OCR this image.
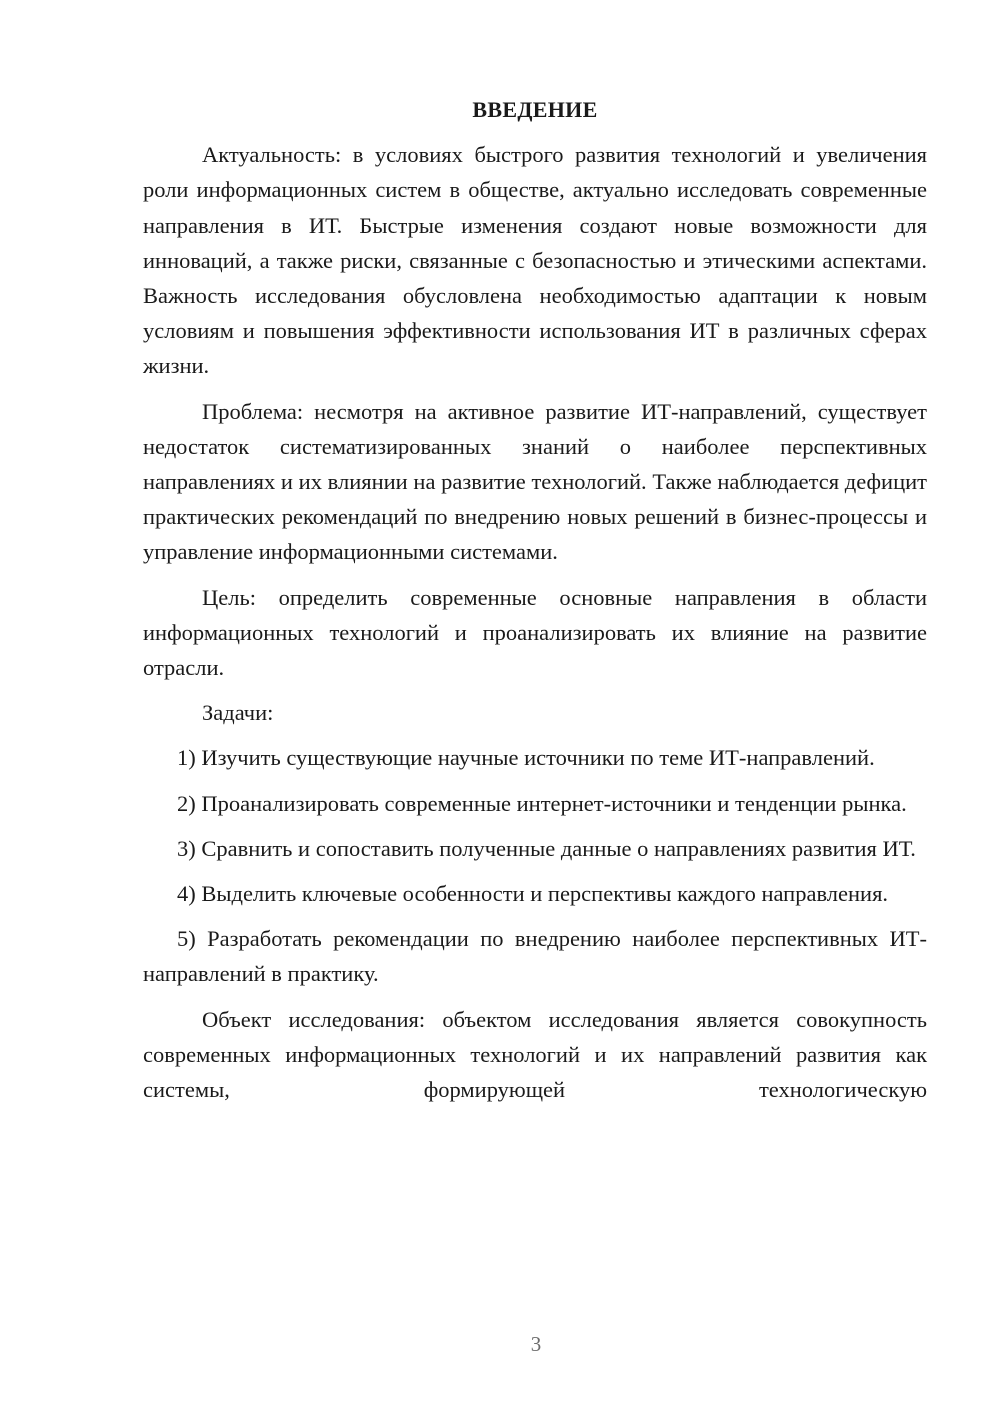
ВВЕДЕНИЕ

Актуальность: в условиях быстрого развития технологий и увеличения роли информационных систем в обществе, актуально исследовать современные направления в ИТ. Быстрые изменения создают новые возможности для инноваций, а также риски, связанные с безопасностью и этическими аспектами. Важность исследования обусловлена необходимостью адаптации к новым условиям и повышения эффективности использования ИТ в различных сферах жизни.

Проблема: несмотря на активное развитие ИТ-направлений, существует недостаток систематизированных знаний о наиболее перспективных направлениях и их влиянии на развитие технологий. Также наблюдается дефицит практических рекомендаций по внедрению новых решений в бизнес-процессы и управление информационными системами.

Цель: определить современные основные направления в области информационных технологий и проанализировать их влияние на развитие отрасли.

Задачи:

1) Изучить существующие научные источники по теме ИТ-направлений.

2) Проанализировать современные интернет-источники и тенденции рынка.

3) Сравнить и сопоставить полученные данные о направлениях развития ИТ.

4) Выделить ключевые особенности и перспективы каждого направления.

5) Разработать рекомендации по внедрению наиболее перспективных ИТ-направлений в практику.

Объект исследования: объектом исследования является совокупность современных информационных технологий и их направлений развития как системы, формирующей технологическую

3
